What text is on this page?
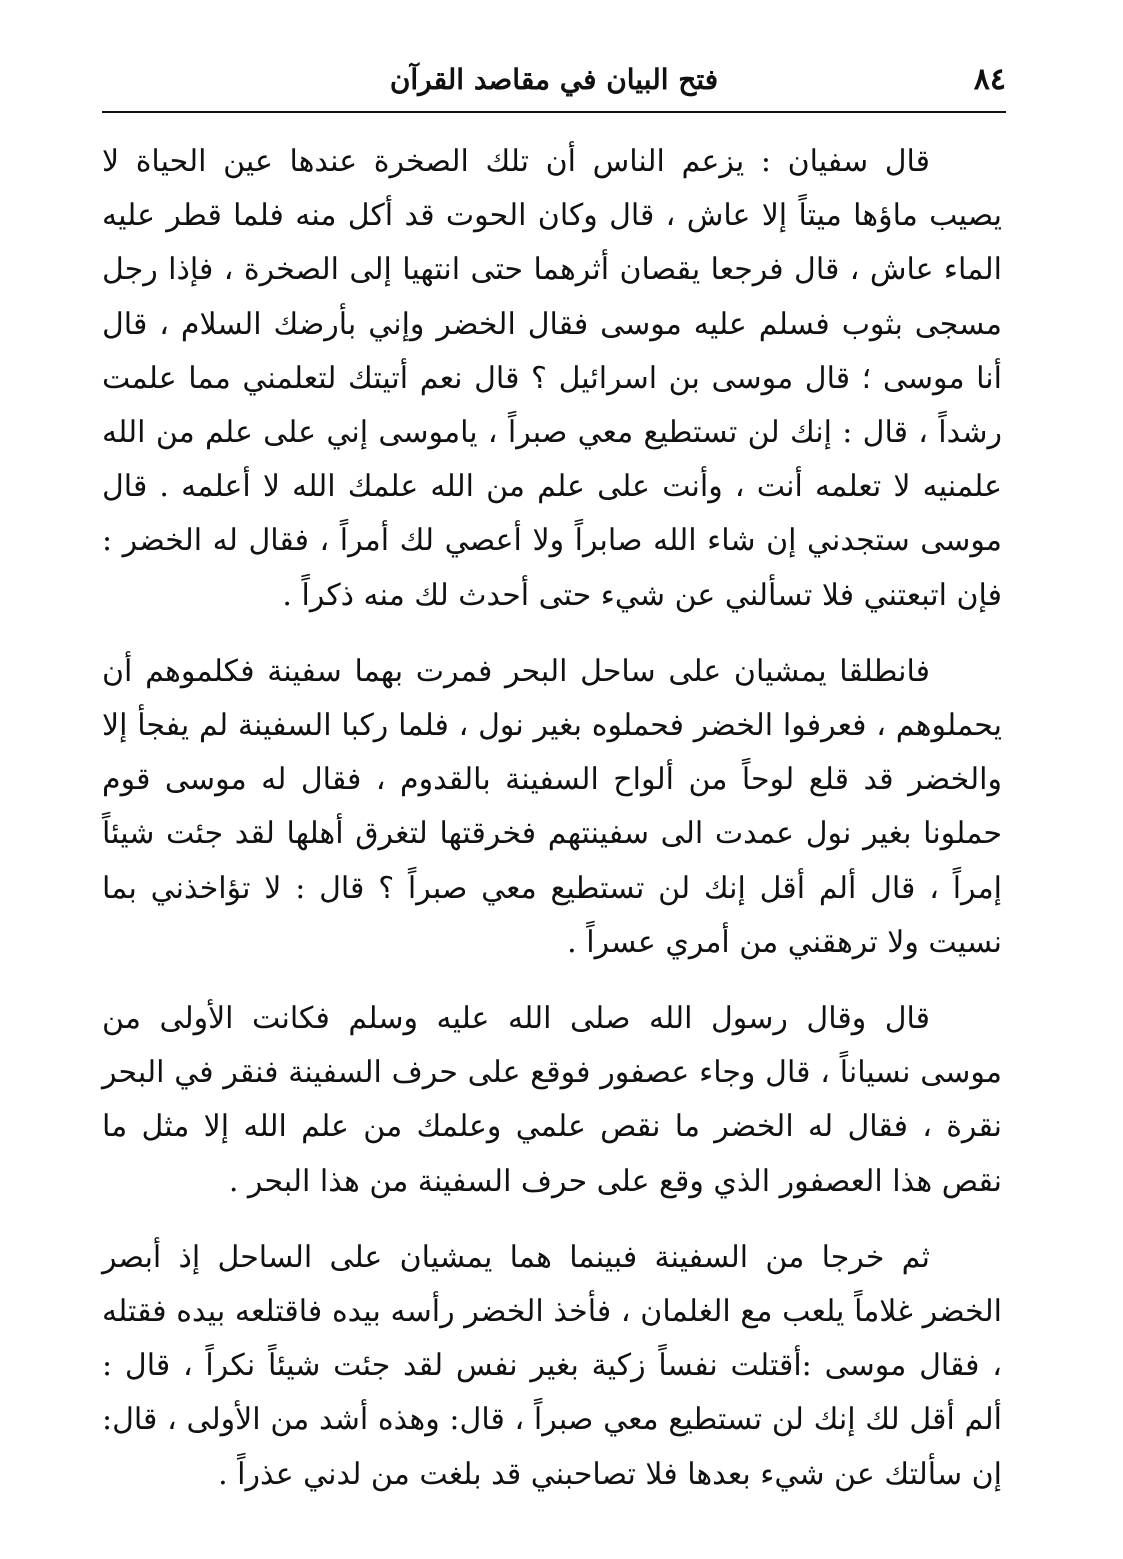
٨٤
فتح البيان في مقاصد القرآن

قال سفيان : يزعم الناس أن تلك الصخرة عندها عين الحياة لا يصيب ماؤها ميتاً إلا عاش ، قال وكان الحوت قد أكل منه فلما قطر عليه الماء عاش ، قال فرجعا يقصان أثرهما حتى انتهيا إلى الصخرة ، فإذا رجل مسجى بثوب فسلم عليه موسى فقال الخضر وإني بأرضك السلام ، قال أنا موسى ؛ قال موسى بن اسرائيل ؟ قال نعم أتيتك لتعلمني مما علمت رشداً ، قال : إنك لن تستطيع معي صبراً ، ياموسى إني على علم من الله علمنيه لا تعلمه أنت ، وأنت على علم من الله علمك الله لا أعلمه . قال موسى ستجدني إن شاء الله صابراً ولا أعصي لك أمراً ، فقال له الخضر : فإن اتبعتني فلا تسألني عن شيء حتى أحدث لك منه ذكراً .

فانطلقا يمشيان على ساحل البحر فمرت بهما سفينة فكلموهم أن يحملوهم ، فعرفوا الخضر فحملوه بغير نول ، فلما ركبا السفينة لم يفجأ إلا والخضر قد قلع لوحاً من ألواح السفينة بالقدوم ، فقال له موسى قوم حملونا بغير نول عمدت الى سفينتهم فخرقتها لتغرق أهلها لقد جئت شيئاً إمراً ، قال ألم أقل إنك لن تستطيع معي صبراً ؟ قال : لا تؤاخذني بما نسيت ولا ترهقني من أمري عسراً .

قال وقال رسول الله صلى الله عليه وسلم فكانت الأولى من موسى نسياناً ، قال وجاء عصفور فوقع على حرف السفينة فنقر في البحر نقرة ، فقال له الخضر ما نقص علمي وعلمك من علم الله إلا مثل ما نقص هذا العصفور الذي وقع على حرف السفينة من هذا البحر .

ثم خرجا من السفينة فبينما هما يمشيان على الساحل إذ أبصر الخضر غلاماً يلعب مع الغلمان ، فأخذ الخضر رأسه بيده فاقتلعه بيده فقتله ، فقال موسى :أقتلت نفساً زكية بغير نفس لقد جئت شيئاً نكراً ، قال : ألم أقل لك إنك لن تستطيع معي صبراً ، قال: وهذه أشد من الأولى ، قال: إن سألتك عن شيء بعدها فلا تصاحبني قد بلغت من لدني عذراً .
